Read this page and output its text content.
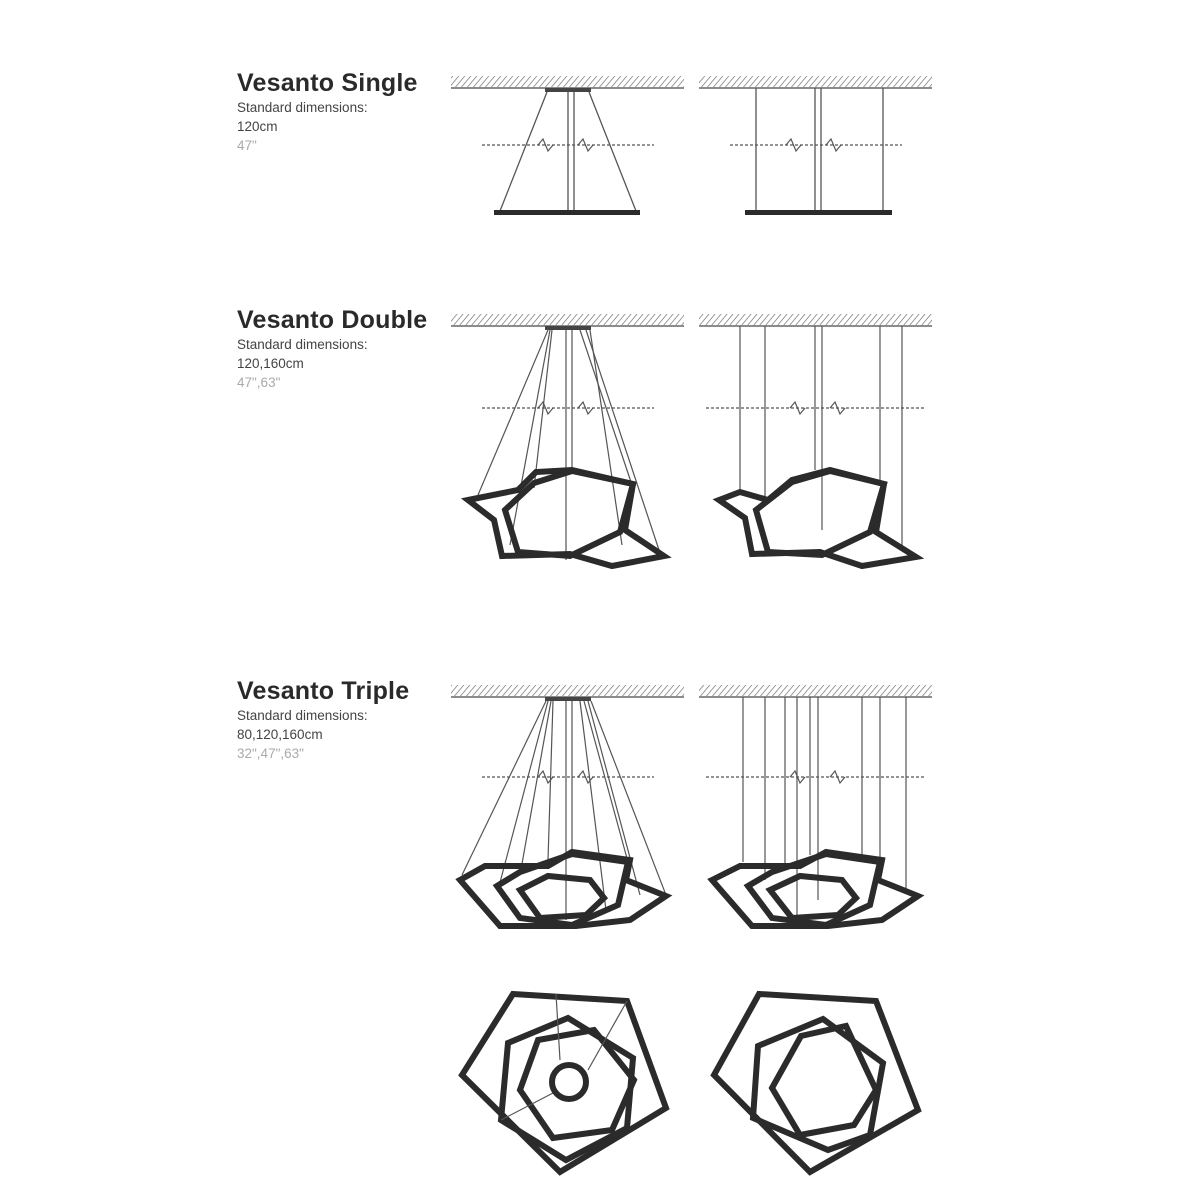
Vesanto Single
Standard dimensions:
120cm
47"
Vesanto Double
Standard dimensions:
120,160cm
47",63"
Vesanto Triple
Standard dimensions:
80,120,160cm
32",47",63"
